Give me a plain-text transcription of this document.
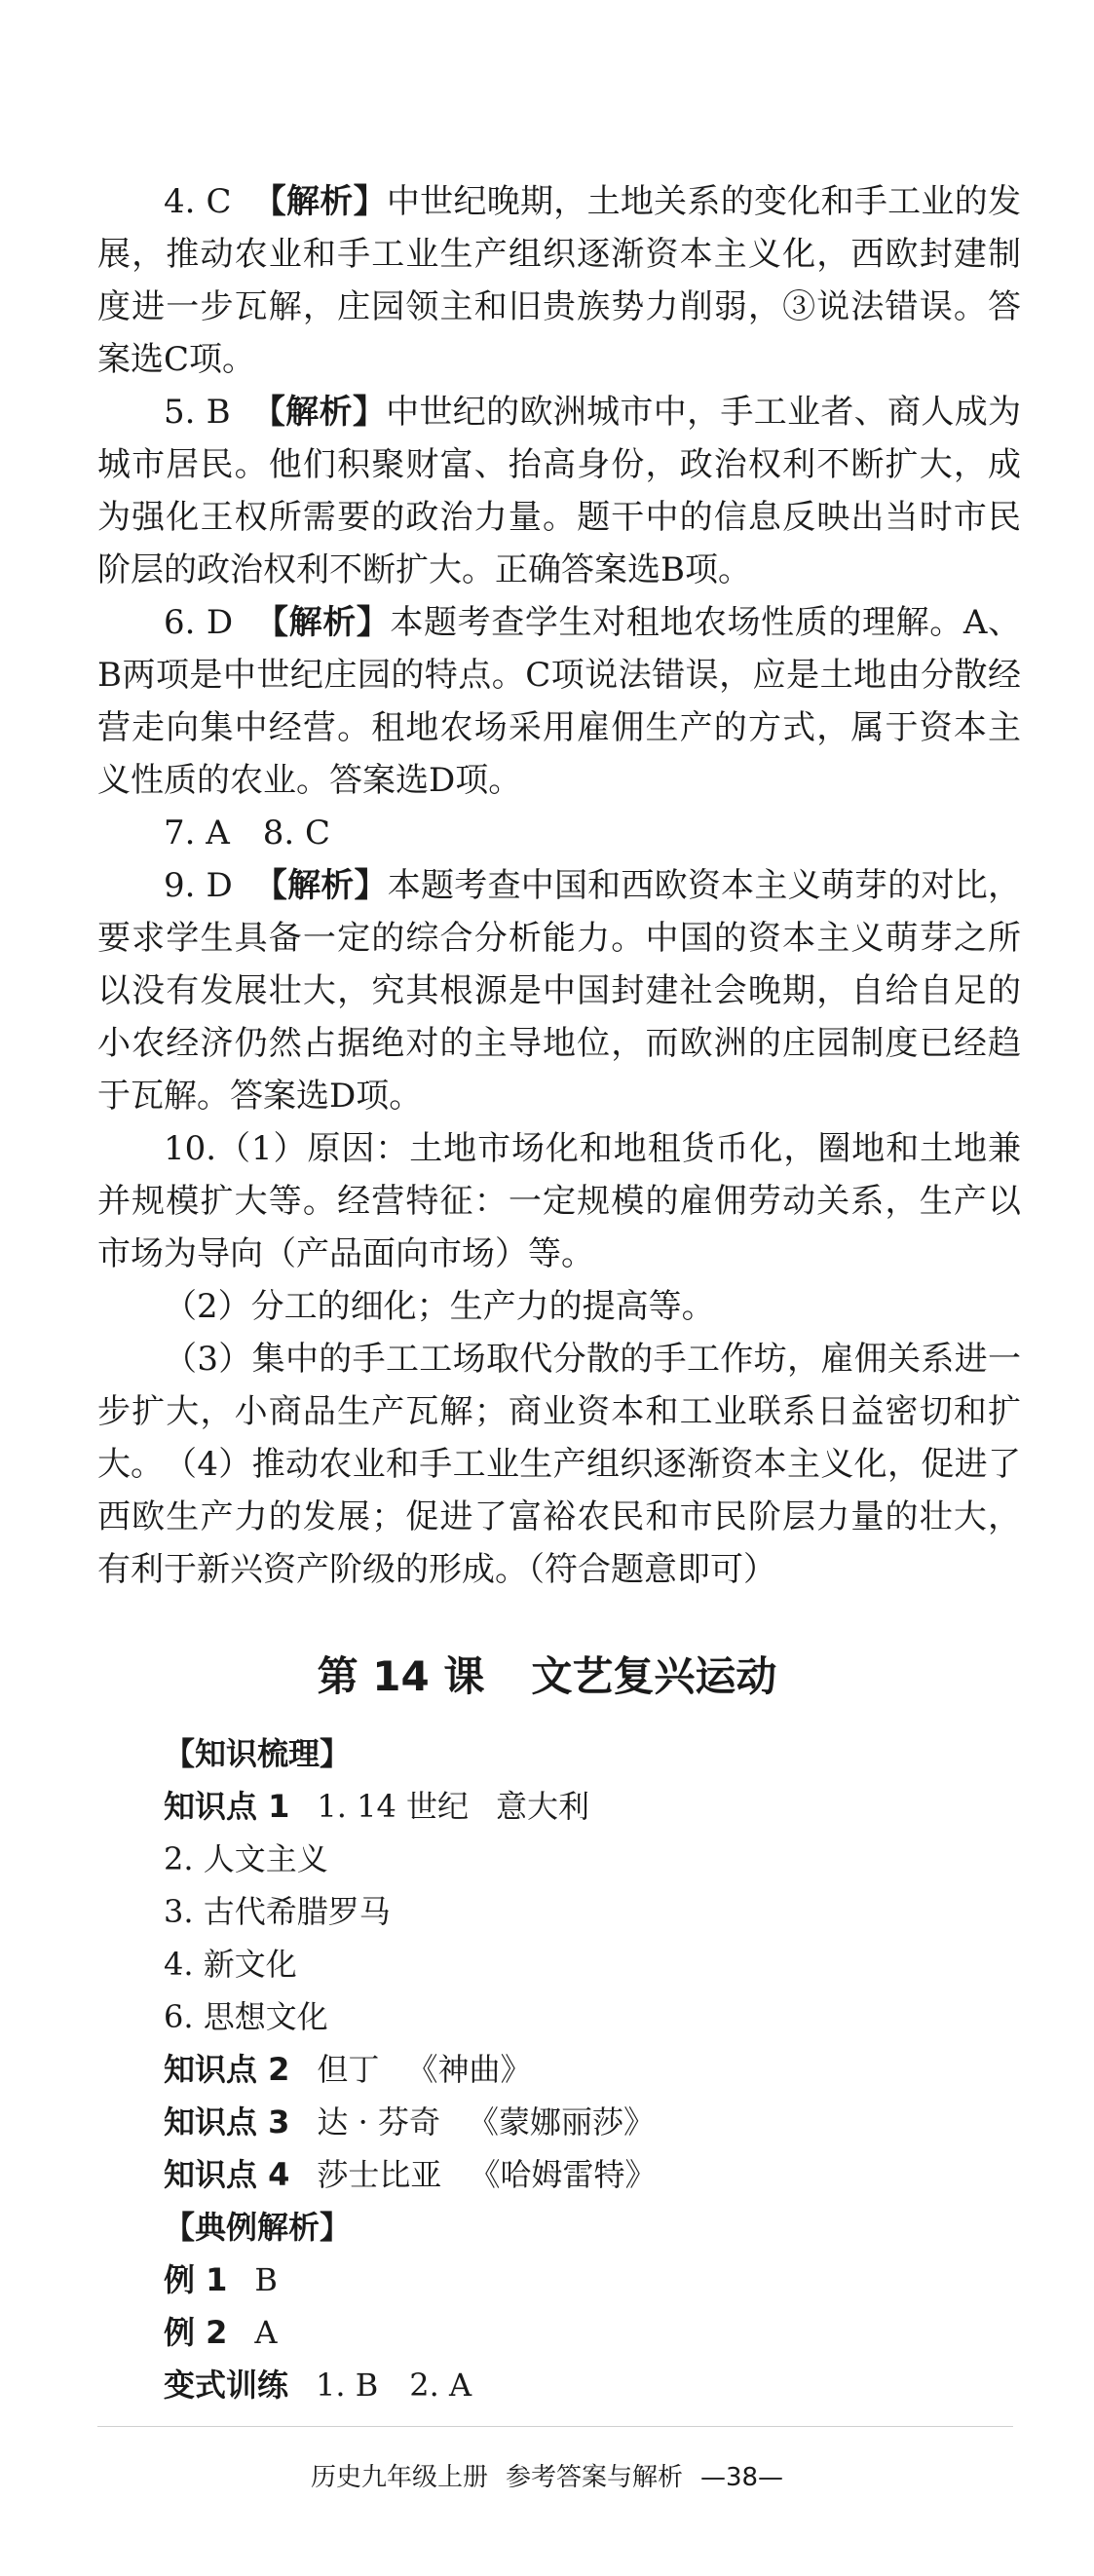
4. C 【解析】中世纪晚期，土地关系的变化和手工业的发展，推动农业和手工业生产组织逐渐资本主义化，西欧封建制度进一步瓦解，庄园领主和旧贵族势力削弱，③说法错误。答案选C项。
5. B 【解析】中世纪的欧洲城市中，手工业者、商人成为城市居民。他们积聚财富、抬高身份，政治权利不断扩大，成为强化王权所需要的政治力量。题干中的信息反映出当时市民阶层的政治权利不断扩大。正确答案选B项。
6. D 【解析】本题考查学生对租地农场性质的理解。A、B两项是中世纪庄园的特点。C项说法错误，应是土地由分散经营走向集中经营。租地农场采用雇佣生产的方式，属于资本主义性质的农业。答案选D项。
7. A　8. C
9. D 【解析】本题考查中国和西欧资本主义萌芽的对比，要求学生具备一定的综合分析能力。中国的资本主义萌芽之所以没有发展壮大，究其根源是中国封建社会晚期，自给自足的小农经济仍然占据绝对的主导地位，而欧洲的庄园制度已经趋于瓦解。答案选D项。
10.（1）原因：土地市场化和地租货币化，圈地和土地兼并规模扩大等。经营特征：一定规模的雇佣劳动关系，生产以市场为导向（产品面向市场）等。
（2）分工的细化；生产力的提高等。
（3）集中的手工工场取代分散的手工作坊，雇佣关系进一步扩大，小商品生产瓦解；商业资本和工业联系日益密切和扩大。 （4）推动农业和手工业生产组织逐渐资本主义化，促进了西欧生产力的发展；促进了富裕农民和市民阶层力量的壮大，有利于新兴资产阶级的形成。（符合题意即可）
第 14 课 文艺复兴运动
【知识梳理】
知识点 1 1. 14 世纪 意大利
2. 人文主义
3. 古代希腊罗马
4. 新文化
6. 思想文化
知识点 2 但丁 《神曲》
知识点 3 达 · 芬奇 《蒙娜丽莎》
知识点 4 莎士比亚 《哈姆雷特》
【典例解析】
例 1 B
例 2 A
变式训练 1. B　2. A
历史九年级上册 参考答案与解析 —38—
